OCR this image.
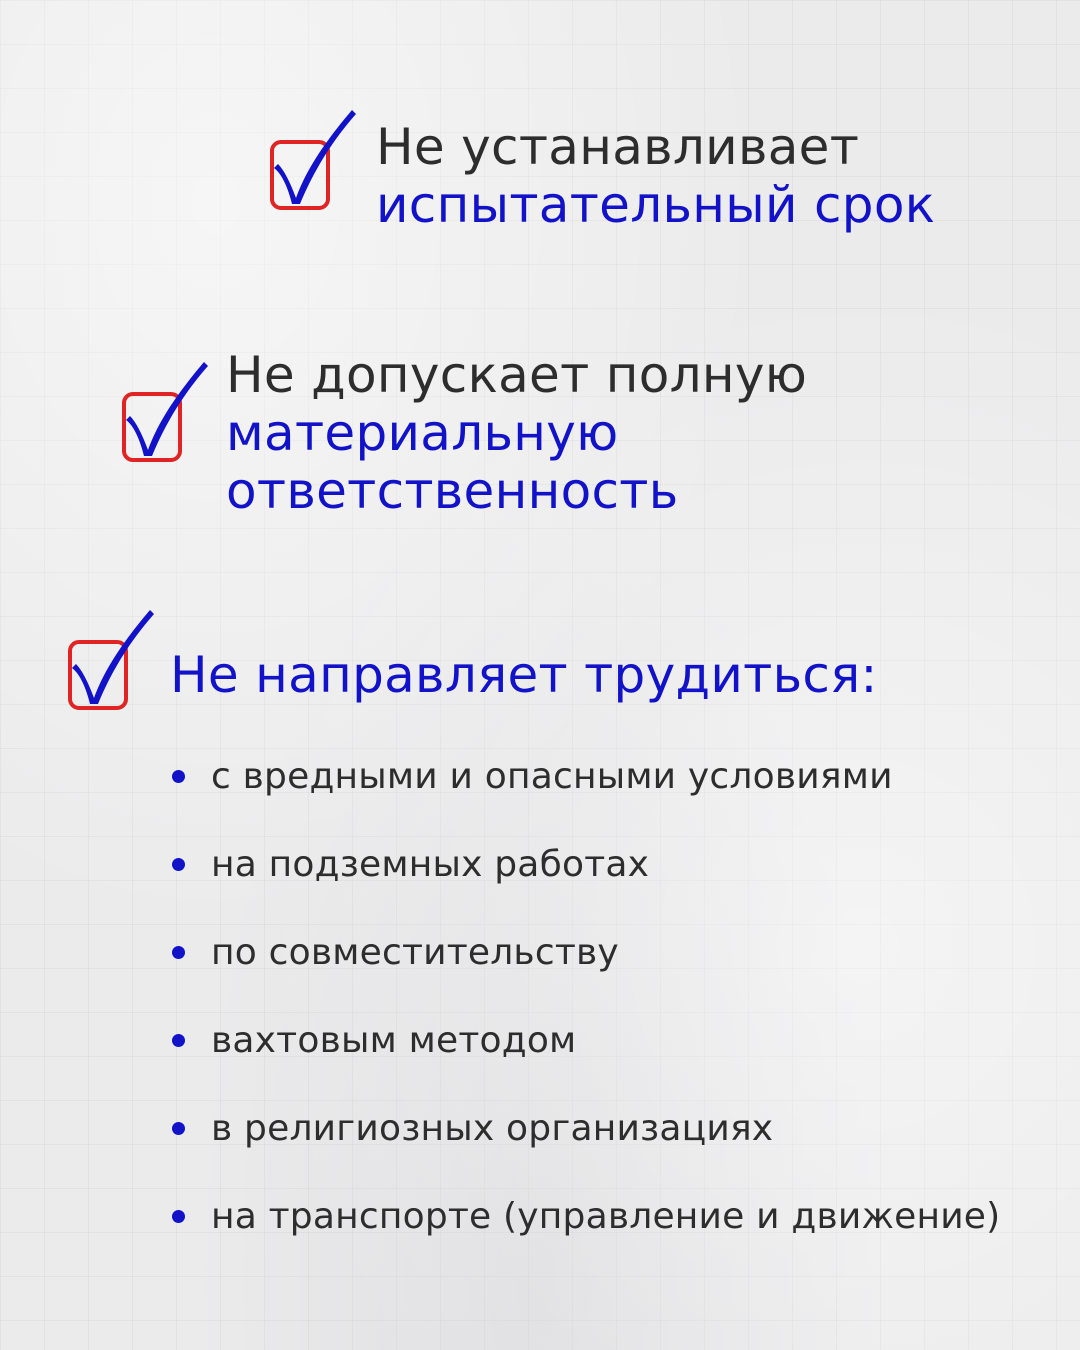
Не устанавливает
испытательный срок
Не допускает полную
материальную
ответственность
Не направляет трудиться:
с вредными и опасными условиями
на подземных работах
по совместительству
вахтовым методом
в религиозных организациях
на транспорте (управление и движение)
